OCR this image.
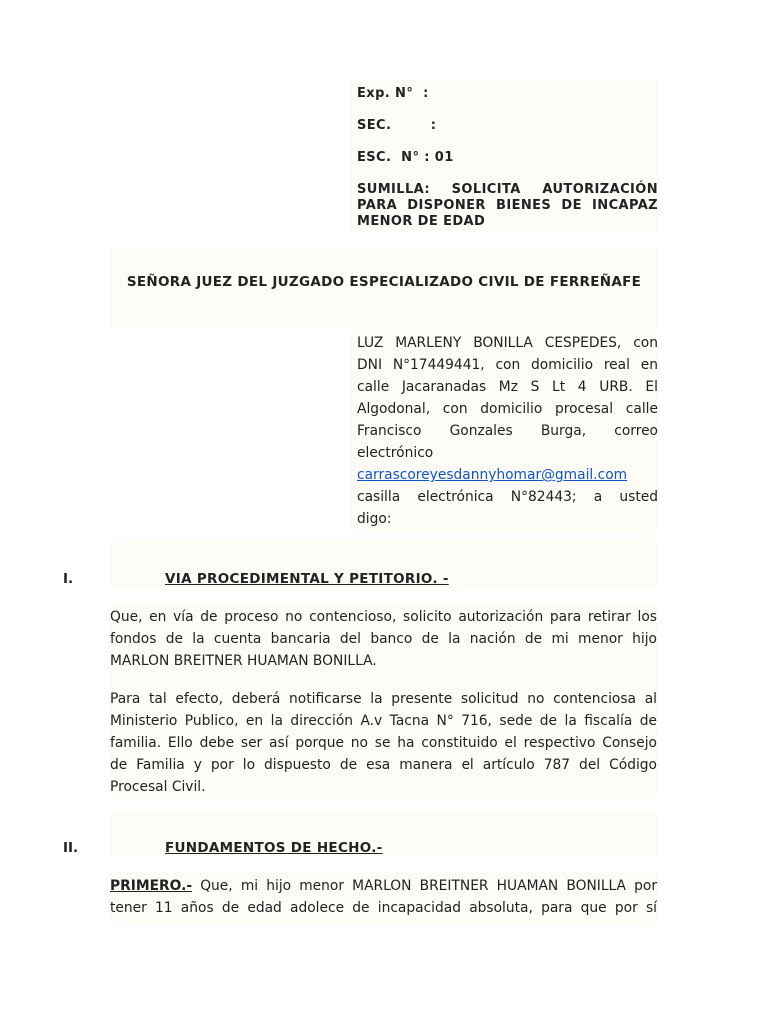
Exp. N°  :
SEC.        :
ESC.  N° : 01
SUMILLA: SOLICITA AUTORIZACIÓN
PARA DISPONER BIENES DE INCAPAZ
MENOR DE EDAD
SEÑORA JUEZ DEL JUZGADO ESPECIALIZADO CIVIL DE FERREÑAFE
LUZ MARLENY BONILLA CESPEDES, con
DNI N°17449441, con domicilio real en
calle Jacaranadas Mz S Lt 4 URB. El
Algodonal, con domicilio procesal calle
Francisco Gonzales Burga, correo
electrónico
carrascoreyesdannyhomar@gmail.com
casilla electrónica N°82443; a usted
digo:
I.	VIA PROCEDIMENTAL Y PETITORIO. -
Que, en vía de proceso no contencioso, solicito autorización para retirar los
fondos de la cuenta bancaria del banco de la nación de mi menor hijo
MARLON BREITNER HUAMAN BONILLA.
Para tal efecto, deberá notificarse la presente solicitud no contenciosa al
Ministerio Publico, en la dirección A.v Tacna N° 716, sede de la fiscalía de
familia. Ello debe ser así porque no se ha constituido el respectivo Consejo
de Familia y por lo dispuesto de esa manera el artículo 787 del Código
Procesal Civil.
II.	FUNDAMENTOS DE HECHO.-
PRIMERO.- Que, mi hijo menor MARLON BREITNER HUAMAN BONILLA por
tener 11 años de edad adolece de incapacidad absoluta, para que por sí
